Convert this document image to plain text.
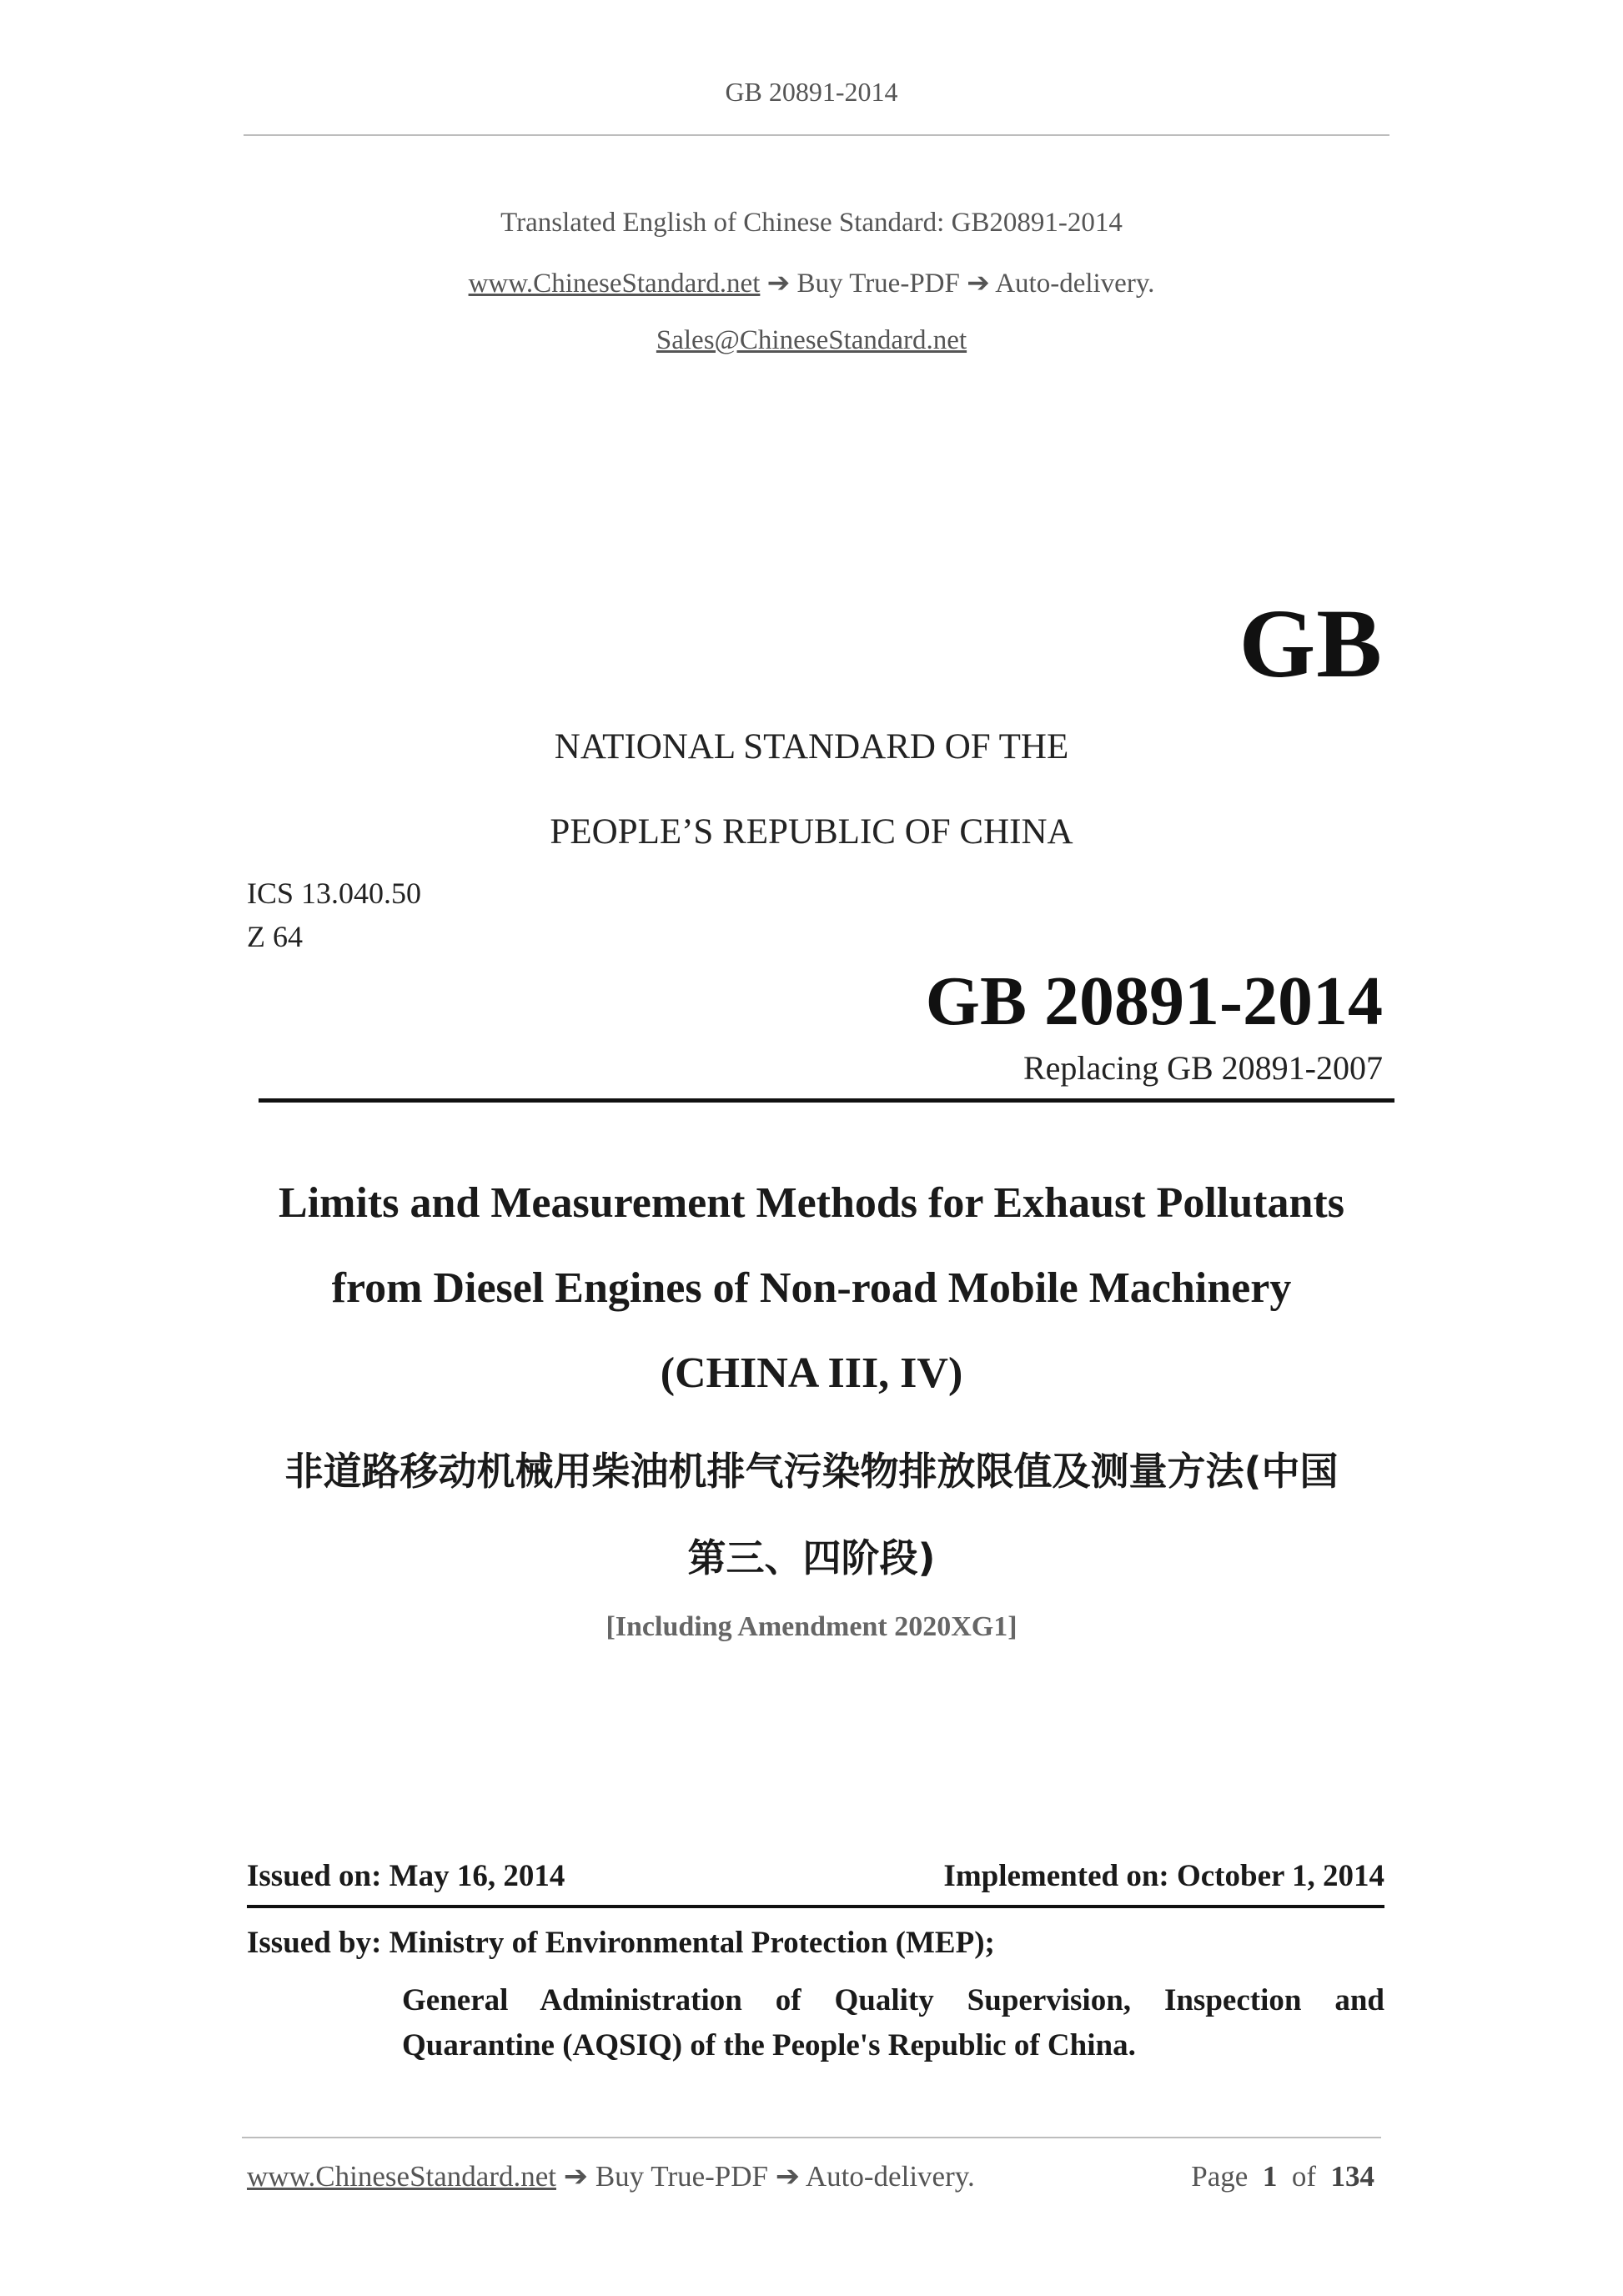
GB 20891-2014
Translated English of Chinese Standard: GB20891-2014
www.ChineseStandard.net ➔ Buy True-PDF ➔ Auto-delivery.
Sales@ChineseStandard.net
GB
NATIONAL STANDARD OF THE
PEOPLE’S REPUBLIC OF CHINA
ICS 13.040.50
Z 64
GB 20891-2014
Replacing GB 20891-2007
Limits and Measurement Methods for Exhaust Pollutants
from Diesel Engines of Non-road Mobile Machinery
(CHINA III, IV)
非道路移动机械用柴油机排气污染物排放限值及测量方法(中国
第三、四阶段)
[Including Amendment 2020XG1]
Issued on: May 16, 2014	Implemented on: October 1, 2014
Issued by: Ministry of Environmental Protection (MEP);
General Administration of Quality Supervision, Inspection and Quarantine (AQSIQ) of the People's Republic of China.
www.ChineseStandard.net ➔ Buy True-PDF ➔ Auto-delivery.	Page 1 of 134
